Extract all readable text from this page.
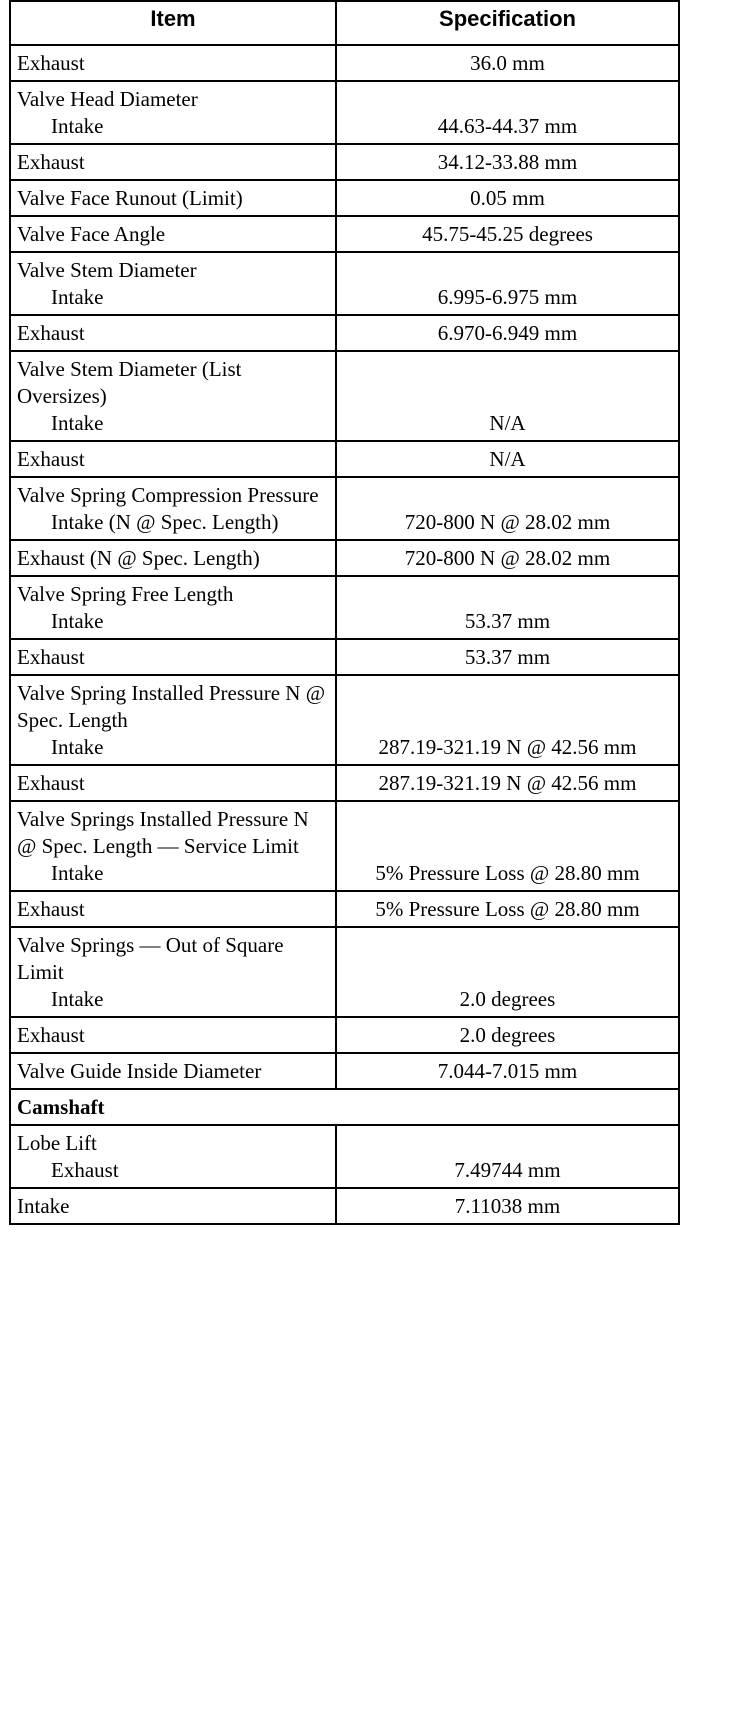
Item	Specification
Exhaust	36.0 mm

Valve Head Diameter
Intake	44.63-44.37 mm
Exhaust	34.12-33.88 mm
Valve Face Runout (Limit)	0.05 mm
Valve Face Angle	45.75-45.25 degrees

Valve Stem Diameter
Intake	6.995-6.975 mm
Exhaust	6.970-6.949 mm

Valve Stem Diameter (List Oversizes)
Intake	N/A
Exhaust	N/A

Valve Spring Compression Pressure
Intake (N @ Spec. Length)	720-800 N @ 28.02 mm
Exhaust (N @ Spec. Length)	720-800 N @ 28.02 mm

Valve Spring Free Length
Intake	53.37 mm
Exhaust	53.37 mm

Valve Spring Installed Pressure N @ Spec. Length
Intake	287.19-321.19 N @ 42.56 mm
Exhaust	287.19-321.19 N @ 42.56 mm

Valve Springs Installed Pressure N @ Spec. Length — Service Limit
Intake	5% Pressure Loss @ 28.80 mm
Exhaust	5% Pressure Loss @ 28.80 mm

Valve Springs — Out of Square Limit
Intake	2.0 degrees
Exhaust	2.0 degrees
Valve Guide Inside Diameter	7.044-7.015 mm
Camshaft	

Lobe Lift
Exhaust	7.49744 mm
Intake	7.11038 mm
